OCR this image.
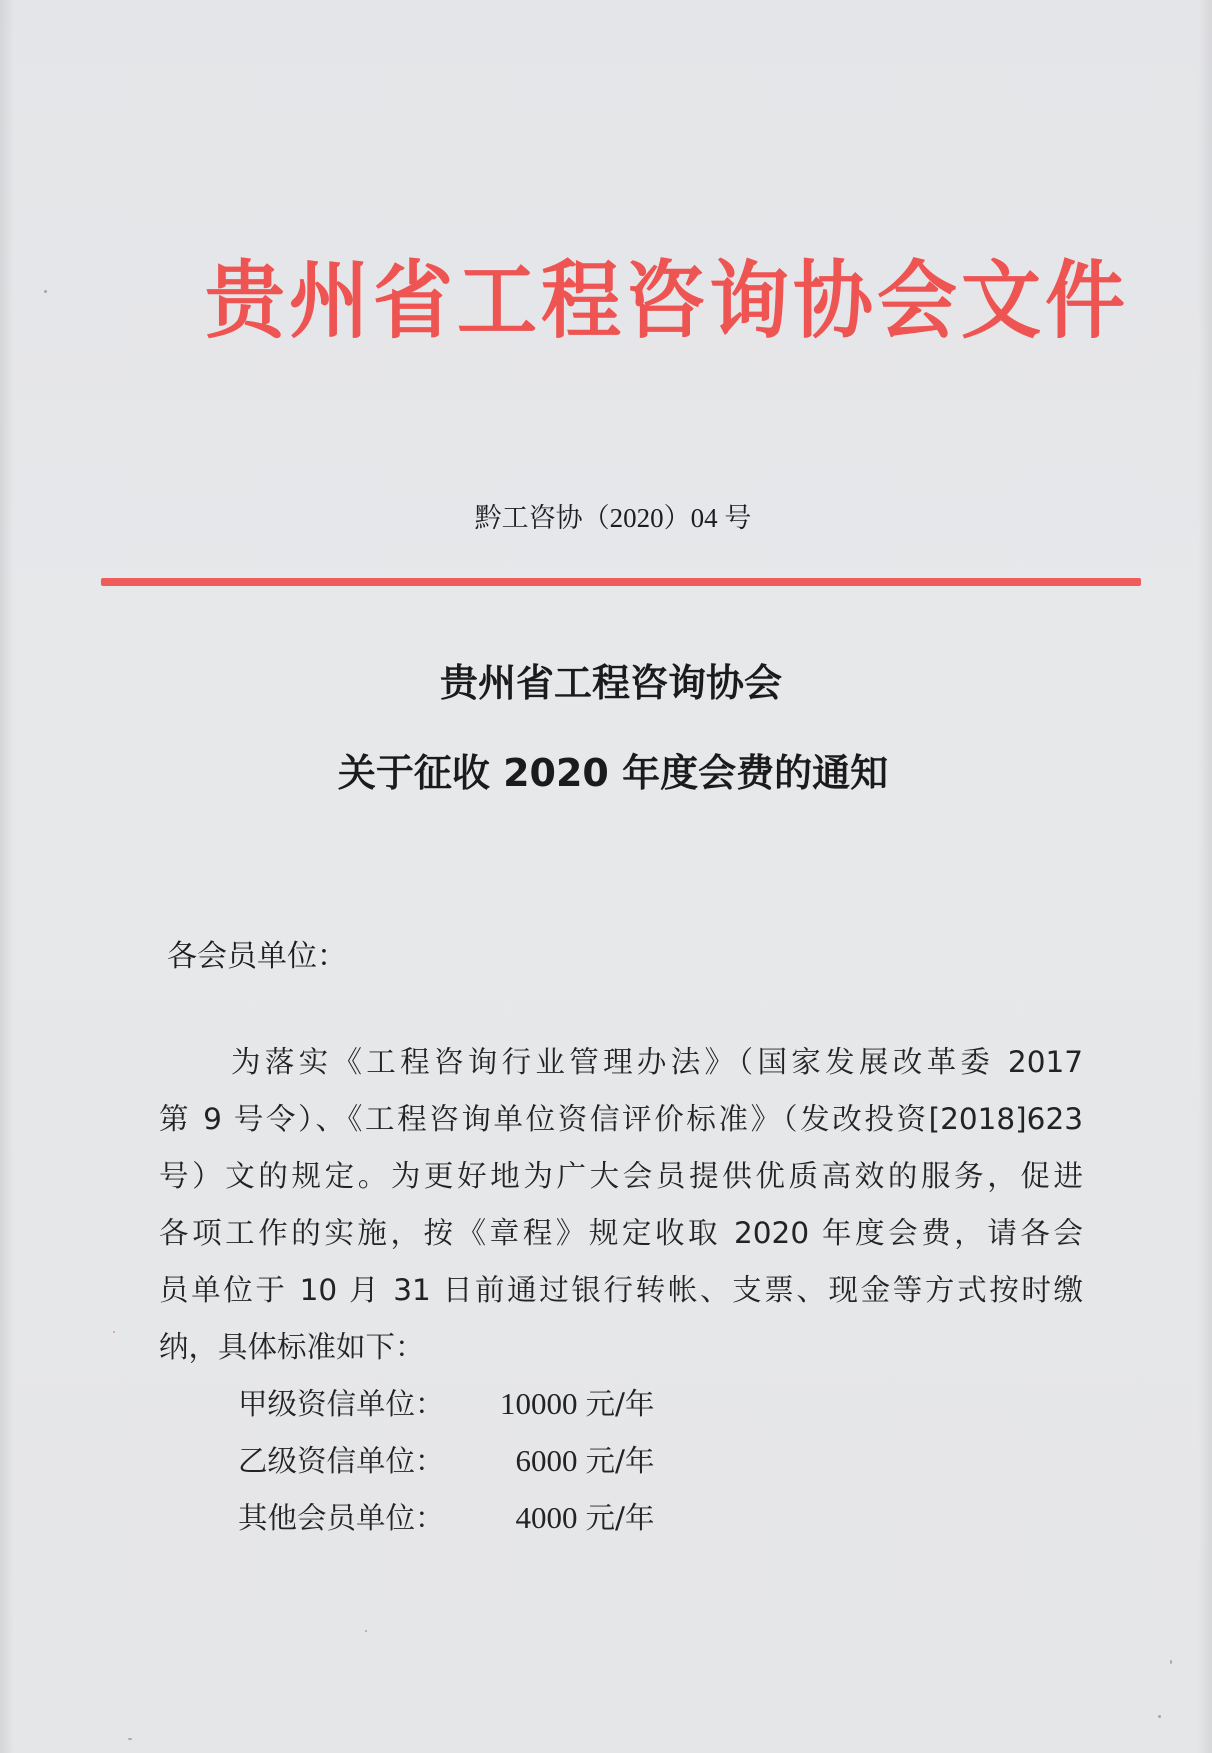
贵州省工程咨询协会文件

黔工咨协（2020）04 号

贵州省工程咨询协会
关于征收 2020 年度会费的通知

各会员单位：

为落实《工程咨询行业管理办法》（国家发展改革委 2017

第 9 号令）、《工程咨询单位资信评价标准》（发改投资[2018]623

号）文的规定。为更好地为广大会员提供优质高效的服务，促进

各项工作的实施，按《章程》规定收取 2020 年度会费，请各会

员单位于 10 月 31 日前通过银行转帐、支票、现金等方式按时缴

纳，具体标准如下：

甲级资信单位： 10000 元/年

乙级资信单位： 6000 元/年

其他会员单位： 4000 元/年
